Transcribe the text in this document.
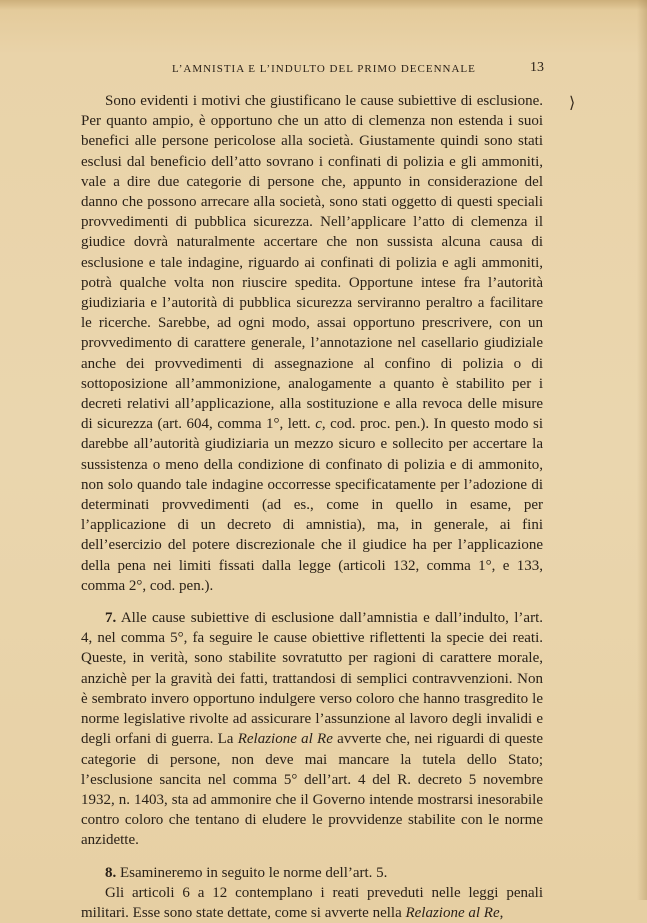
L’AMNISTIA E L’INDULTO DEL PRIMO DECENNALE	13
⟩

Sono evidenti i motivi che giustificano le cause subiettive di esclusione. Per quanto ampio, è opportuno che un atto di clemenza non estenda i suoi benefici alle persone pericolose alla società. Giustamente quindi sono stati esclusi dal beneficio dell’atto sovrano i confinati di polizia e gli ammoniti, vale a dire due categorie di persone che, appunto in considerazione del danno che possono arrecare alla società, sono stati oggetto di questi speciali provvedimenti di pubblica sicurezza. Nell’applicare l’atto di clemenza il giudice dovrà naturalmente accertare che non sussista alcuna causa di esclusione e tale indagine, riguardo ai confinati di polizia e agli ammoniti, potrà qualche volta non riuscire spedita. Opportune intese fra l’autorità giudiziaria e l’autorità di pubblica sicurezza serviranno peraltro a facilitare le ricerche. Sarebbe, ad ogni modo, assai opportuno prescrivere, con un provvedimento di carattere generale, l’annotazione nel casellario giudiziale anche dei provvedimenti di assegnazione al confino di polizia o di sottoposizione all’ammonizione, analogamente a quanto è stabilito per i decreti relativi all’applicazione, alla sostituzione e alla revoca delle misure di sicurezza (art. 604, comma 1°, lett. c, cod. proc. pen.). In questo modo si darebbe all’autorità giudiziaria un mezzo sicuro e sollecito per accertare la sussistenza o meno della condizione di confinato di polizia e di ammonito, non solo quando tale indagine occorresse specificatamente per l’adozione di determinati provvedimenti (ad es., come in quello in esame, per l’applicazione di un decreto di amnistia), ma, in generale, ai fini dell’esercizio del potere discrezionale che il giudice ha per l’applicazione della pena nei limiti fissati dalla legge (articoli 132, comma 1°, e 133, comma 2°, cod. pen.).

7. Alle cause subiettive di esclusione dall’amnistia e dall’indulto, l’art. 4, nel comma 5°, fa seguire le cause obiettive riflettenti la specie dei reati. Queste, in verità, sono stabilite sovratutto per ragioni di carattere morale, anzichè per la gravità dei fatti, trattandosi di semplici contravvenzioni. Non è sembrato invero opportuno indulgere verso coloro che hanno trasgredito le norme legislative rivolte ad assicurare l’assunzione al lavoro degli invalidi e degli orfani di guerra. La Relazione al Re avverte che, nei riguardi di queste categorie di persone, non deve mai mancare la tutela dello Stato; l’esclusione sancita nel comma 5° dell’art. 4 del R. decreto 5 novembre 1932, n. 1403, sta ad ammonire che il Governo intende mostrarsi inesorabile contro coloro che tentano di eludere le provvidenze stabilite con le norme anzidette.

8. Esamineremo in seguito le norme dell’art. 5.

Gli articoli 6 a 12 contemplano i reati preveduti nelle leggi penali militari. Esse sono state dettate, come si avverte nella Relazione al Re,
